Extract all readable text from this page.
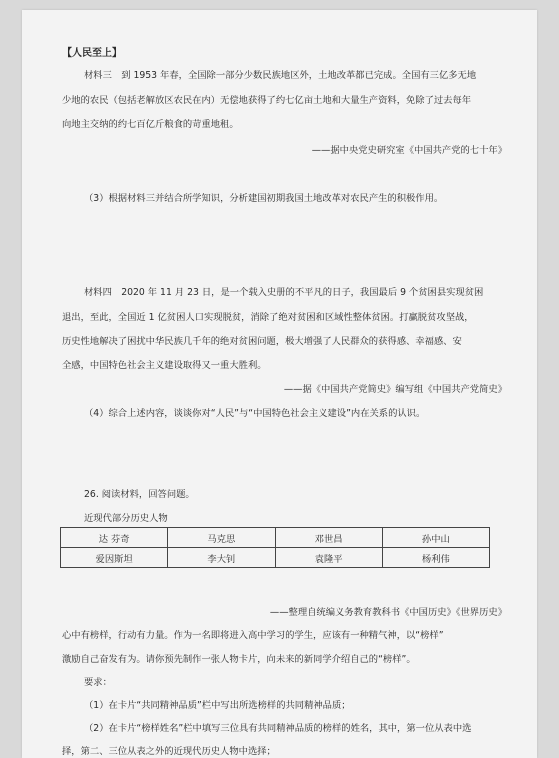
【人民至上】
材料三　到 1953 年春，全国除一部分少数民族地区外，土地改革都已完成。全国有三亿多无地
少地的农民（包括老解放区农民在内）无偿地获得了约七亿亩土地和大量生产资料，免除了过去每年
向地主交纳的约七百亿斤粮食的苛重地租。
——据中央党史研究室《中国共产党的七十年》
（3）根据材料三并结合所学知识，分析建国初期我国土地改革对农民产生的积极作用。
材料四　2020 年 11 月 23 日，是一个载入史册的不平凡的日子，我国最后 9 个贫困县实现贫困
退出，至此，全国近 1 亿贫困人口实现脱贫，消除了绝对贫困和区域性整体贫困。打赢脱贫攻坚战，
历史性地解决了困扰中华民族几千年的绝对贫困问题，极大增强了人民群众的获得感、幸福感、安
全感，中国特色社会主义建设取得又一重大胜利。
——据《中国共产党简史》编写组《中国共产党简史》
（4）综合上述内容，谈谈你对“人民”与“中国特色社会主义建设”内在关系的认识。
26. 阅读材料，回答问题。
近现代部分历史人物
达 芬奇	马克思	邓世昌	孙中山
爱因斯坦	李大钊	袁隆平	杨利伟
——整理自统编义务教育教科书《中国历史》《世界历史》
心中有榜样，行动有力量。作为一名即将进入高中学习的学生，应该有一种精气神，以“榜样”
激励自己奋发有为。请你预先制作一张人物卡片，向未来的新同学介绍自己的“榜样”。
要求：
（1）在卡片“共同精神品质”栏中写出所选榜样的共同精神品质；
（2）在卡片“榜样姓名”栏中填写三位具有共同精神品质的榜样的姓名，其中，第一位从表中选
择，第二、三位从表之外的近现代历史人物中选择；
